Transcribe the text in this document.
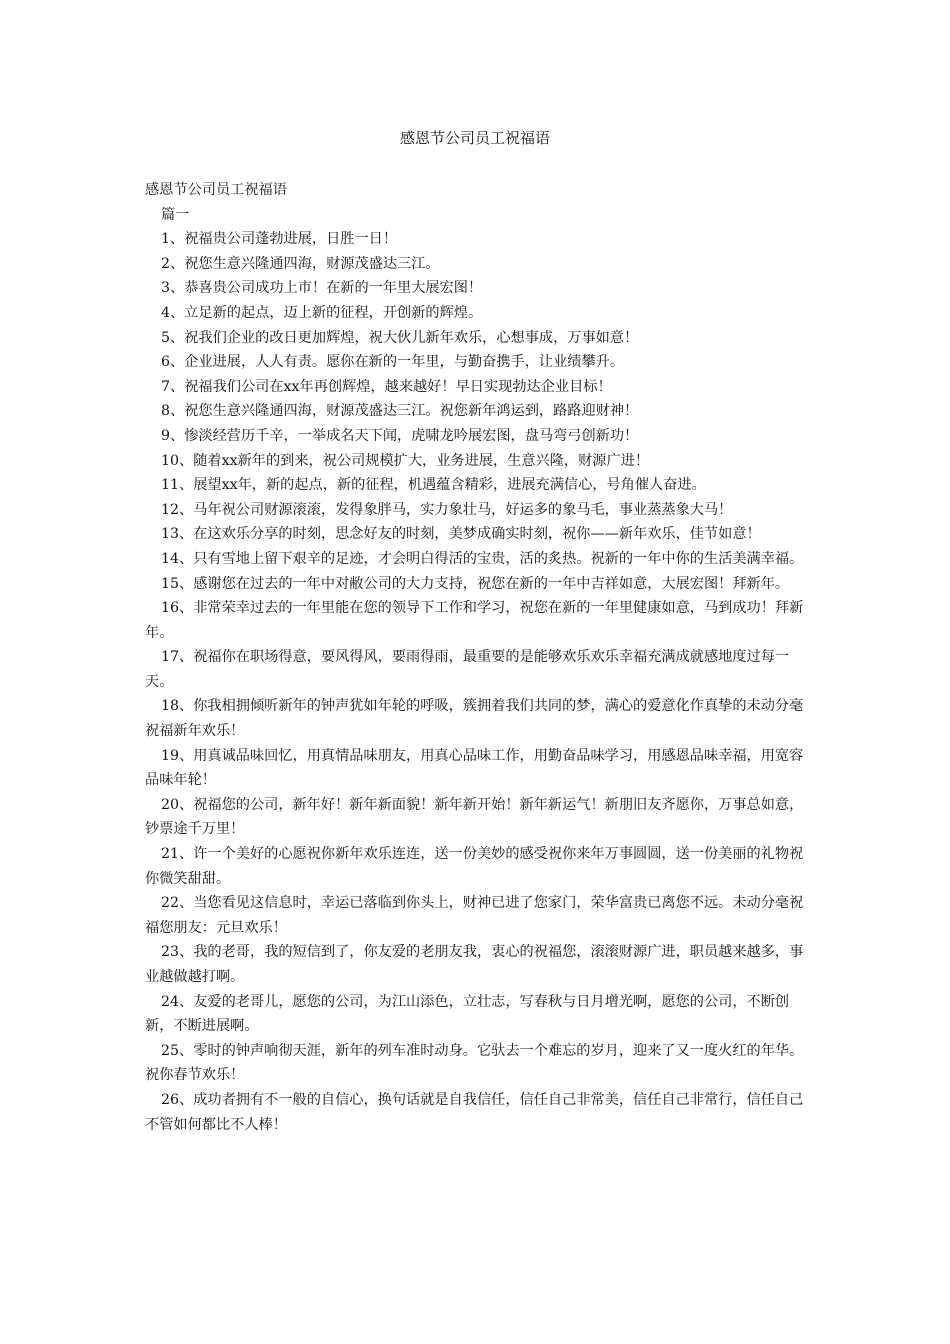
感恩节公司员工祝福语

感恩节公司员工祝福语

篇一

1、祝福贵公司蓬勃进展，日胜一日！

2、祝您生意兴隆通四海，财源茂盛达三江。

3、恭喜贵公司成功上市！在新的一年里大展宏图！

4、立足新的起点，迈上新的征程，开创新的辉煌。

5、祝我们企业的改日更加辉煌，祝大伙儿新年欢乐，心想事成，万事如意！

6、企业进展，人人有责。愿你在新的一年里，与勤奋携手，让业绩攀升。

7、祝福我们公司在xx年再创辉煌，越来越好！早日实现勃达企业目标！

8、祝您生意兴隆通四海，财源茂盛达三江。祝您新年鸿运到，路路迎财神！

9、惨淡经营历千辛，一举成名天下闻，虎啸龙吟展宏图，盘马弯弓创新功！

10、随着xx新年的到来，祝公司规模扩大，业务进展，生意兴隆，财源广进！

11、展望xx年，新的起点，新的征程，机遇蕴含精彩，进展充满信心，号角催人奋进。

12、马年祝公司财源滚滚，发得象胖马，实力象壮马，好运多的象马毛，事业蒸蒸象大马！

13、在这欢乐分享的时刻，思念好友的时刻，美梦成确实时刻，祝你——新年欢乐，佳节如意！

14、只有雪地上留下艰辛的足迹，才会明白得活的宝贵，活的炙热。祝新的一年中你的生活美满幸福。

15、感谢您在过去的一年中对敝公司的大力支持，祝您在新的一年中吉祥如意，大展宏图！拜新年。

16、非常荣幸过去的一年里能在您的领导下工作和学习，祝您在新的一年里健康如意，马到成功！拜新年。

17、祝福你在职场得意，要风得风，要雨得雨，最重要的是能够欢乐欢乐幸福充满成就感地度过每一天。

18、你我相拥倾听新年的钟声犹如年轮的呼吸，簇拥着我们共同的梦，满心的爱意化作真挚的未动分毫祝福新年欢乐！

19、用真诚品味回忆，用真情品味朋友，用真心品味工作，用勤奋品味学习，用感恩品味幸福，用宽容品味年轮！

20、祝福您的公司，新年好！新年新面貌！新年新开始！新年新运气！新朋旧友齐愿你，万事总如意，钞票途千万里！

21、许一个美好的心愿祝你新年欢乐连连，送一份美妙的感受祝你来年万事圆圆，送一份美丽的礼物祝你微笑甜甜。

22、当您看见这信息时，幸运已落临到你头上，财神已进了您家门，荣华富贵已离您不远。未动分毫祝福您朋友：元旦欢乐！

23、我的老哥，我的短信到了，你友爱的老朋友我，衷心的祝福您，滚滚财源广进，职员越来越多，事业越做越打啊。

24、友爱的老哥儿，愿您的公司，为江山添色，立壮志，写春秋与日月增光啊，愿您的公司，不断创新，不断进展啊。

25、零时的钟声响彻天涯，新年的列车准时动身。它驮去一个难忘的岁月，迎来了又一度火红的年华。祝你春节欢乐！

26、成功者拥有不一般的自信心，换句话就是自我信任，信任自己非常美，信任自己非常行，信任自己不管如何都比不人棒！
